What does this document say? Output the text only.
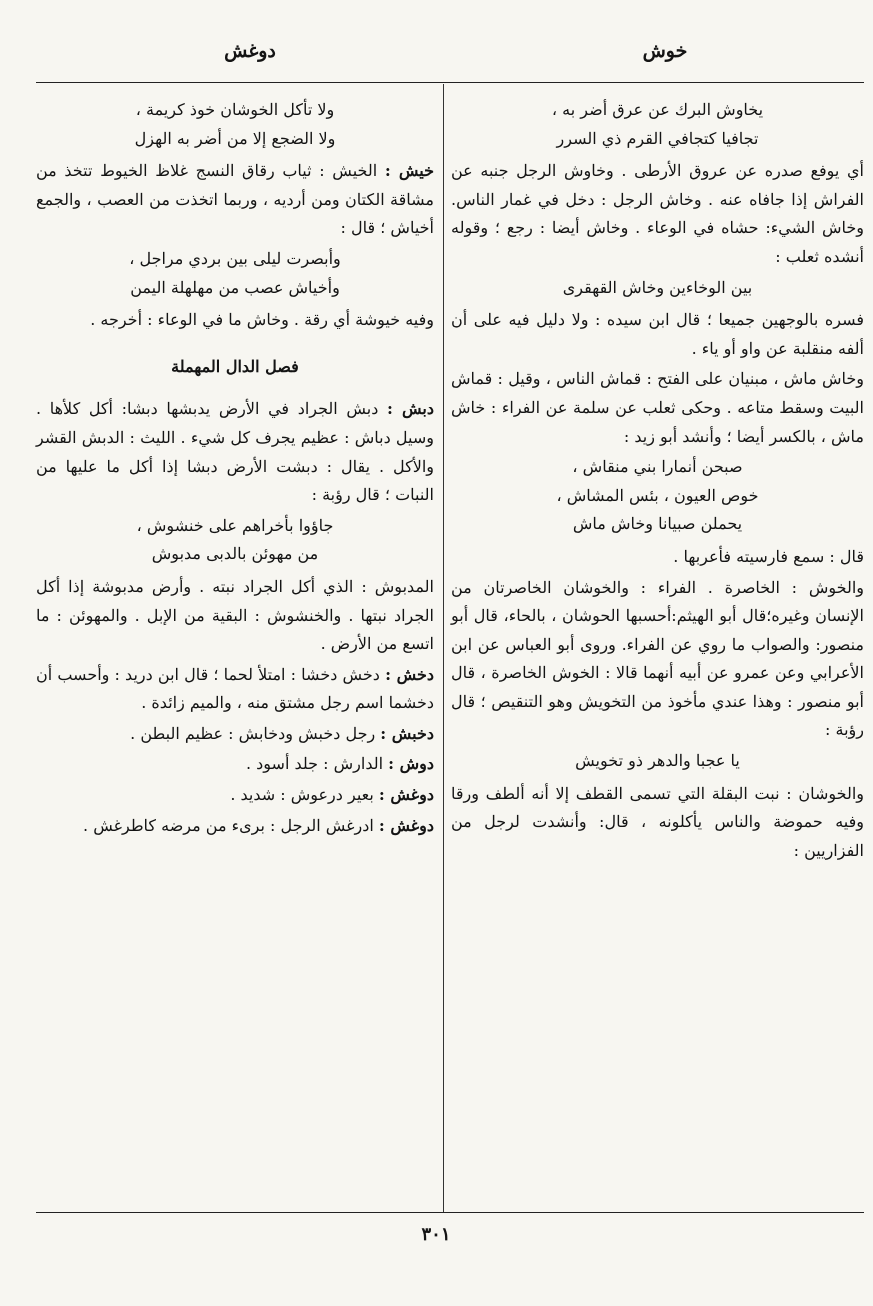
خوش
دوغش
يخاوش البرك عن عرق أضر به ،
تجافيا كتجافي القرم ذي السرر

أي يوفع صدره عن عروق الأرطى . وخاوش الرجل جنبه عن الفراش إذا جافاه عنه . وخاش الرجل : دخل في غمار الناس. وخاش الشيء: حشاه في الوعاء . وخاش أيضا : رجع ؛ وقوله أنشده ثعلب :

بين الوخاءين وخاش القهقرى

فسره بالوجهين جميعا ؛ قال ابن سيده : ولا دليل فيه على أن ألفه منقلبة عن واو أو ياء .

وخاش ماش ، مبنيان على الفتح : قماش الناس ، وقيل : قماش البيت وسقط متاعه . وحكى ثعلب عن سلمة عن الفراء : خاش ماش ، بالكسر أيضا ؛ وأنشد أبو زيد :

صبحن أنمارا بني منقاش ،
خوص العيون ، بئس المشاش ،
يحملن صبيانا وخاش ماش

قال : سمع فارسيته فأعربها .

والخوش : الخاصرة . الفراء : والخوشان الخاصرتان من الإنسان وغيره؛قال أبو الهيثم:أحسبها الحوشان ، بالحاء، قال أبو منصور: والصواب ما روي عن الفراء. وروى أبو العباس عن ابن الأعرابي وعن عمرو عن أبيه أنهما قالا : الخوش الخاصرة ، قال أبو منصور : وهذا عندي مأخوذ من التخويش وهو التنقيص ؛ قال رؤبة :

يا عجبا والدهر ذو تخويش

والخوشان : نبت البقلة التي تسمى القطف إلا أنه ألطف ورقا وفيه حموضة والناس يأكلونه ، قال: وأنشدت لرجل من الفزاريين :

ولا تأكل الخوشان خوذ كريمة ،
ولا الضجع إلا من أضر به الهزل

خيش : الخيش : ثياب رقاق النسج غلاظ الخيوط تتخذ من مشاقة الكتان ومن أرديه ، وربما اتخذت من العصب ، والجمع أخياش ؛ قال :

وأبصرت ليلى بين بردي مراجل ،
وأخياش عصب من مهلهلة اليمن

وفيه خيوشة أي رقة . وخاش ما في الوعاء : أخرجه .

فصل الدال المهملة

دبش : دبش الجراد في الأرض يدبشها دبشا: أكل كلأها . وسيل دباش : عظيم يجرف كل شيء . الليث : الدبش القشر والأكل . يقال : دبشت الأرض دبشا إذا أكل ما عليها من النبات ؛ قال رؤبة :

جاؤوا بأخراهم على خنشوش ،
من مهوئن بالدبى مدبوش

المدبوش : الذي أكل الجراد نبته . وأرض مدبوشة إذا أكل الجراد نبتها . والخنشوش : البقية من الإبل . والمهوئن : ما اتسع من الأرض .

دخش : دخش دخشا : امتلأ لحما ؛ قال ابن دريد : وأحسب أن دخشما اسم رجل مشتق منه ، والميم زائدة .

دخبش : رجل دخبش ودخابش : عظيم البطن .

دوش : الدارش : جلد أسود .

دوغش : بعير درعوش : شديد .

دوغش : ادرغش الرجل : برىء من مرضه كاطرغش .

٣٠١
